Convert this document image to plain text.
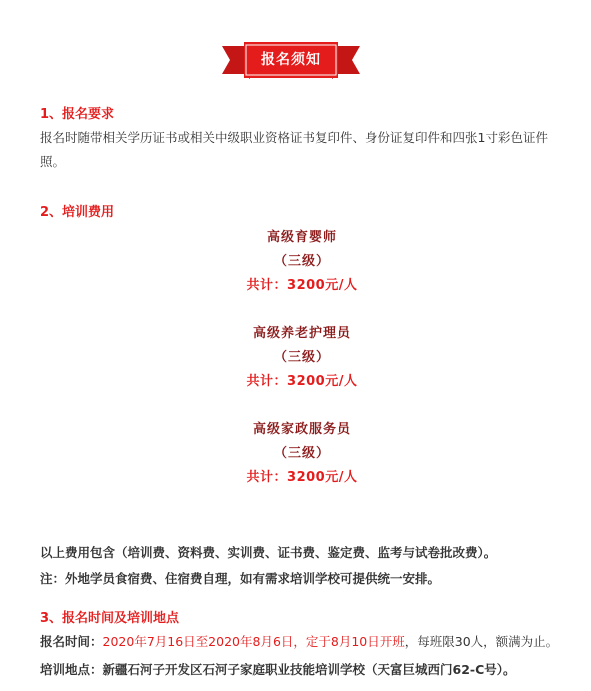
报名须知

1、报名要求

报名时随带相关学历证书或相关中级职业资格证书复印件、身份证复印件和四张1寸彩色证件

照。

2、培训费用

高级育婴师

（三级）

共计：3200元/人

高级养老护理员

（三级）

共计：3200元/人

高级家政服务员

（三级）

共计：3200元/人

以上费用包含（培训费、资料费、实训费、证书费、鉴定费、监考与试卷批改费）。

注：外地学员食宿费、住宿费自理，如有需求培训学校可提供统一安排。

3、报名时间及培训地点

报名时间：2020年7月16日至2020年8月6日，定于8月10日开班，每班限30人，额满为止。

培训地点：新疆石河子开发区石河子家庭职业技能培训学校（天富巨城西门62-C号）。
